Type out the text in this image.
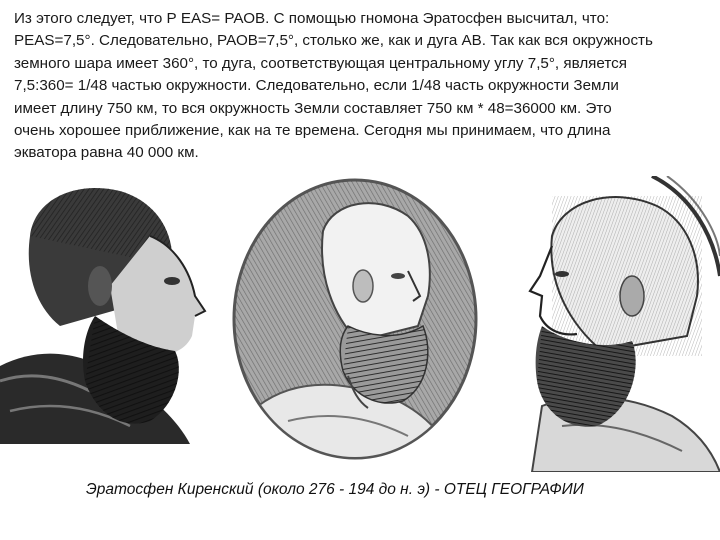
Из этого следует, что Р EAS= РАОВ. С помощью гномона Эратосфен высчитал, что:
PEAS=7,5°. Следовательно, РАОВ=7,5°, столько же, как и дуга АВ. Так как вся окружность
земного шара имеет 360°, то дуга, соответствующая центральному углу 7,5°, является
7,5:360= 1/48 частью окружности. Следовательно, если 1/48 часть окружности Земли
имеет длину 750 км, то вся окружность Земли составляет 750 км * 48=36000 км. Это
очень хорошее приближение, как на те времена. Сегодня мы принимаем, что длина
экватора равна 40 000 км.
Эратосфен Киренский (около 276 - 194 до н. э) - ОТЕЦ ГЕОГРАФИИ
